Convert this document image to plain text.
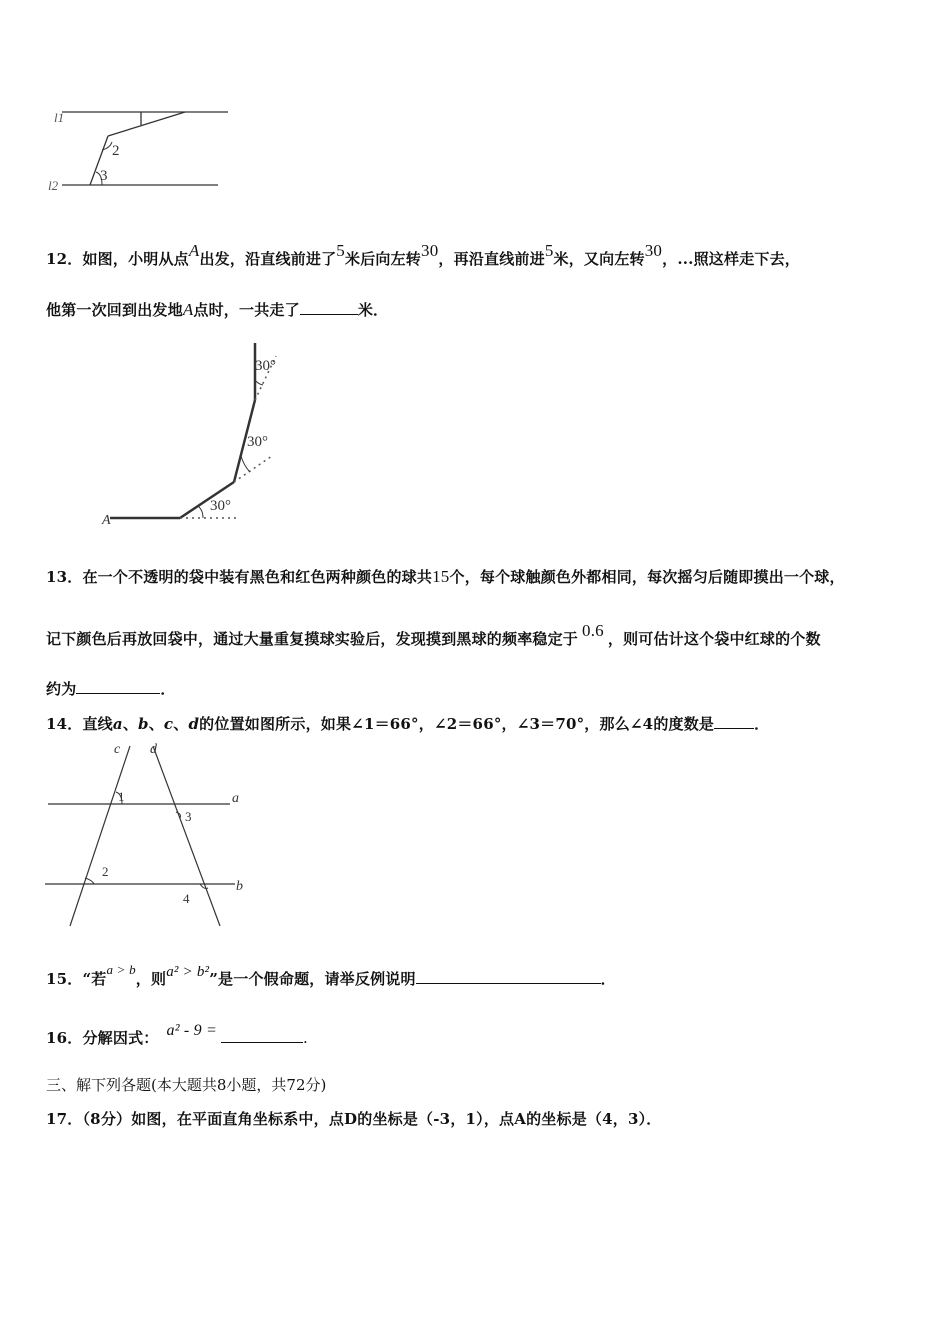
l1
l2
2
3
12．如图，小明从点A出发，沿直线前进了5米后向左转30，再沿直线前进5米，又向左转30，...照这样走下去，
他第一次回到出发地A点时，一共走了	米．
30°
30°
30°
A
13．在一个不透明的袋中装有黑色和红色两种颜色的球共15个，每个球触颜色外都相同，每次摇匀后随即摸出一个球，
记下颜色后再放回袋中，通过大量重复摸球实验后，发现摸到黑球的频率稳定于 0.6 ，则可估计这个袋中红球的个数
约为	．
14．直线a、b、c、d的位置如图所示，如果∠1＝66°，∠2＝66°，∠3＝70°，那么∠4的度数是	．
c d
1	a
3
2
b
4
15．“若a > b，则a² > b²”是一个假命题，请举反例说明	．
16．分解因式： a² - 9 =	.
三、解下列各题(本大题共8小题，共72分)
17．（8分）如图，在平面直角坐标系中，点D的坐标是（-3，1），点A的坐标是（4，3）．
